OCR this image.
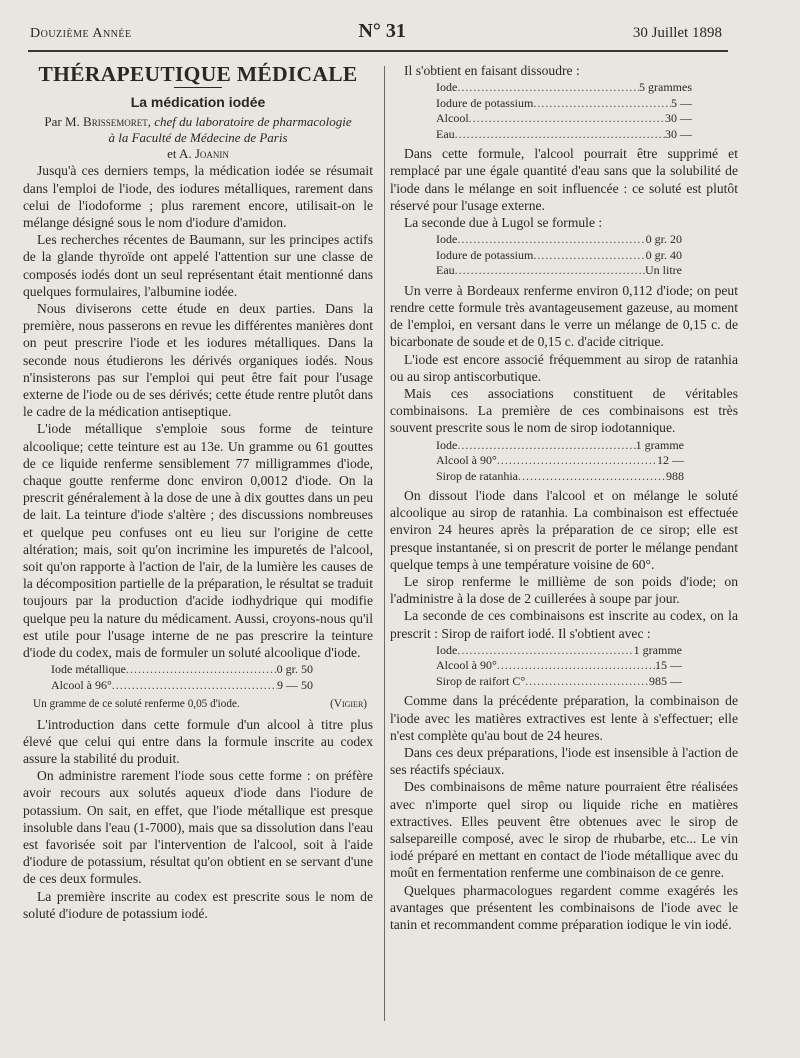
Douzième Année	N° 31	30 Juillet 1898

THÉRAPEUTIQUE MÉDICALE

La médication iodée

Par M. Brissemoret, chef du laboratoire de pharmacologie
à la Faculté de Médecine de Paris
et A. Joanin

Jusqu'à ces derniers temps, la médication iodée se résumait dans l'emploi de l'iode, des iodures métalliques, rarement dans celui de l'iodoforme ; plus rarement encore, utilisait-on le mélange désigné sous le nom d'iodure d'amidon.

Les recherches récentes de Baumann, sur les principes actifs de la glande thyroïde ont appelé l'attention sur une classe de composés iodés dont un seul représentant était mentionné dans quelques formulaires, l'albumine iodée.

Nous diviserons cette étude en deux parties. Dans la première, nous passerons en revue les différentes manières dont on peut prescrire l'iode et les iodures métalliques. Dans la seconde nous étudierons les dérivés organiques iodés. Nous n'insisterons pas sur l'emploi qui peut être fait pour l'usage externe de l'iode ou de ses dérivés; cette étude rentre plutôt dans le cadre de la médication antiseptique.

L'iode métallique s'emploie sous forme de teinture alcoolique; cette teinture est au 13e. Un gramme ou 61 gouttes de ce liquide renferme sensiblement 77 milligrammes d'iode, chaque goutte renferme donc environ 0,0012 d'iode. On la prescrit généralement à la dose de une à dix gouttes dans un peu de lait. La teinture d'iode s'altère ; des discussions nombreuses et quelque peu confuses ont eu lieu sur l'origine de cette altération; mais, soit qu'on incrimine les impuretés de l'alcool, soit qu'on rapporte à l'action de l'air, de la lumière les causes de la décomposition partielle de la préparation, le résultat se traduit toujours par la production d'acide iodhydrique qui modifie quelque peu la nature du médicament. Aussi, croyons-nous qu'il est utile pour l'usage interne de ne pas prescrire la teinture d'iode du codex, mais de formuler un soluté alcoolique d'iode.

Iode métallique .....	0 gr. 50
Alcool à 96° .....	9 — 50
Un gramme de ce soluté renferme 0,05 d'iode.	(Vigier)

L'introduction dans cette formule d'un alcool à titre plus élevé que celui qui entre dans la formule inscrite au codex assure la stabilité du produit.

On administre rarement l'iode sous cette forme : on préfère avoir recours aux solutés aqueux d'iode dans l'iodure de potassium. On sait, en effet, que l'iode métallique est presque insoluble dans l'eau (1-7000), mais que sa dissolution dans l'eau est favorisée soit par l'intervention de l'alcool, soit à l'aide d'iodure de potassium, résultat qu'on obtient en se servant d'une de ces deux formules.

La première inscrite au codex est prescrite sous le nom de soluté d'iodure de potassium iodé.

Il s'obtient en faisant dissoudre :

Iode .....	5 grammes
Iodure de potassium .....	5 —
Alcool .....	30 —
Eau .....	30 —

Dans cette formule, l'alcool pourrait être supprimé et remplacé par une égale quantité d'eau sans que la solubilité de l'iode dans le mélange en soit influencée : ce soluté est plutôt réservé pour l'usage externe.

La seconde due à Lugol se formule :

Iode .....	0 gr. 20
Iodure de potassium .....	0 gr. 40
Eau .....	Un litre

Un verre à Bordeaux renferme environ 0,112 d'iode; on peut rendre cette formule très avantageusement gazeuse, au moment de l'emploi, en versant dans le verre un mélange de 0,15 c. de bicarbonate de soude et de 0,15 c. d'acide citrique.

L'iode est encore associé fréquemment au sirop de ratanhia ou au sirop antiscorbutique.

Mais ces associations constituent de véritables combinaisons. La première de ces combinaisons est très souvent prescrite sous le nom de sirop iodotannique.

Iode .....	1 gramme
Alcool à 90° .....	12 —
Sirop de ratanhia .....	988

On dissout l'iode dans l'alcool et on mélange le soluté alcoolique au sirop de ratanhia. La combinaison est effectuée environ 24 heures après la préparation de ce sirop; elle est presque instantanée, si on prescrit de porter le mélange pendant quelque temps à une température voisine de 60°.

Le sirop renferme le millième de son poids d'iode; on l'administre à la dose de 2 cuillerées à soupe par jour.

La seconde de ces combinaisons est inscrite au codex, on la prescrit : Sirop de raifort iodé. Il s'obtient avec :

Iode .....	1 gramme
Alcool à 90° .....	15 —
Sirop de raifort C° .....	985 —

Comme dans la précédente préparation, la combinaison de l'iode avec les matières extractives est lente à s'effectuer; elle n'est complète qu'au bout de 24 heures.

Dans ces deux préparations, l'iode est insensible à l'action de ses réactifs spéciaux.

Des combinaisons de même nature pourraient être réalisées avec n'importe quel sirop ou liquide riche en matières extractives. Elles peuvent être obtenues avec le sirop de salsepareille composé, avec le sirop de rhubarbe, etc... Le vin iodé préparé en mettant en contact de l'iode métallique avec du moût en fermentation renferme une combinaison de ce genre.

Quelques pharmacologues regardent comme exagérés les avantages que présentent les combinaisons de l'iode avec le tanin et recommandent comme préparation iodique le vin iodé.
